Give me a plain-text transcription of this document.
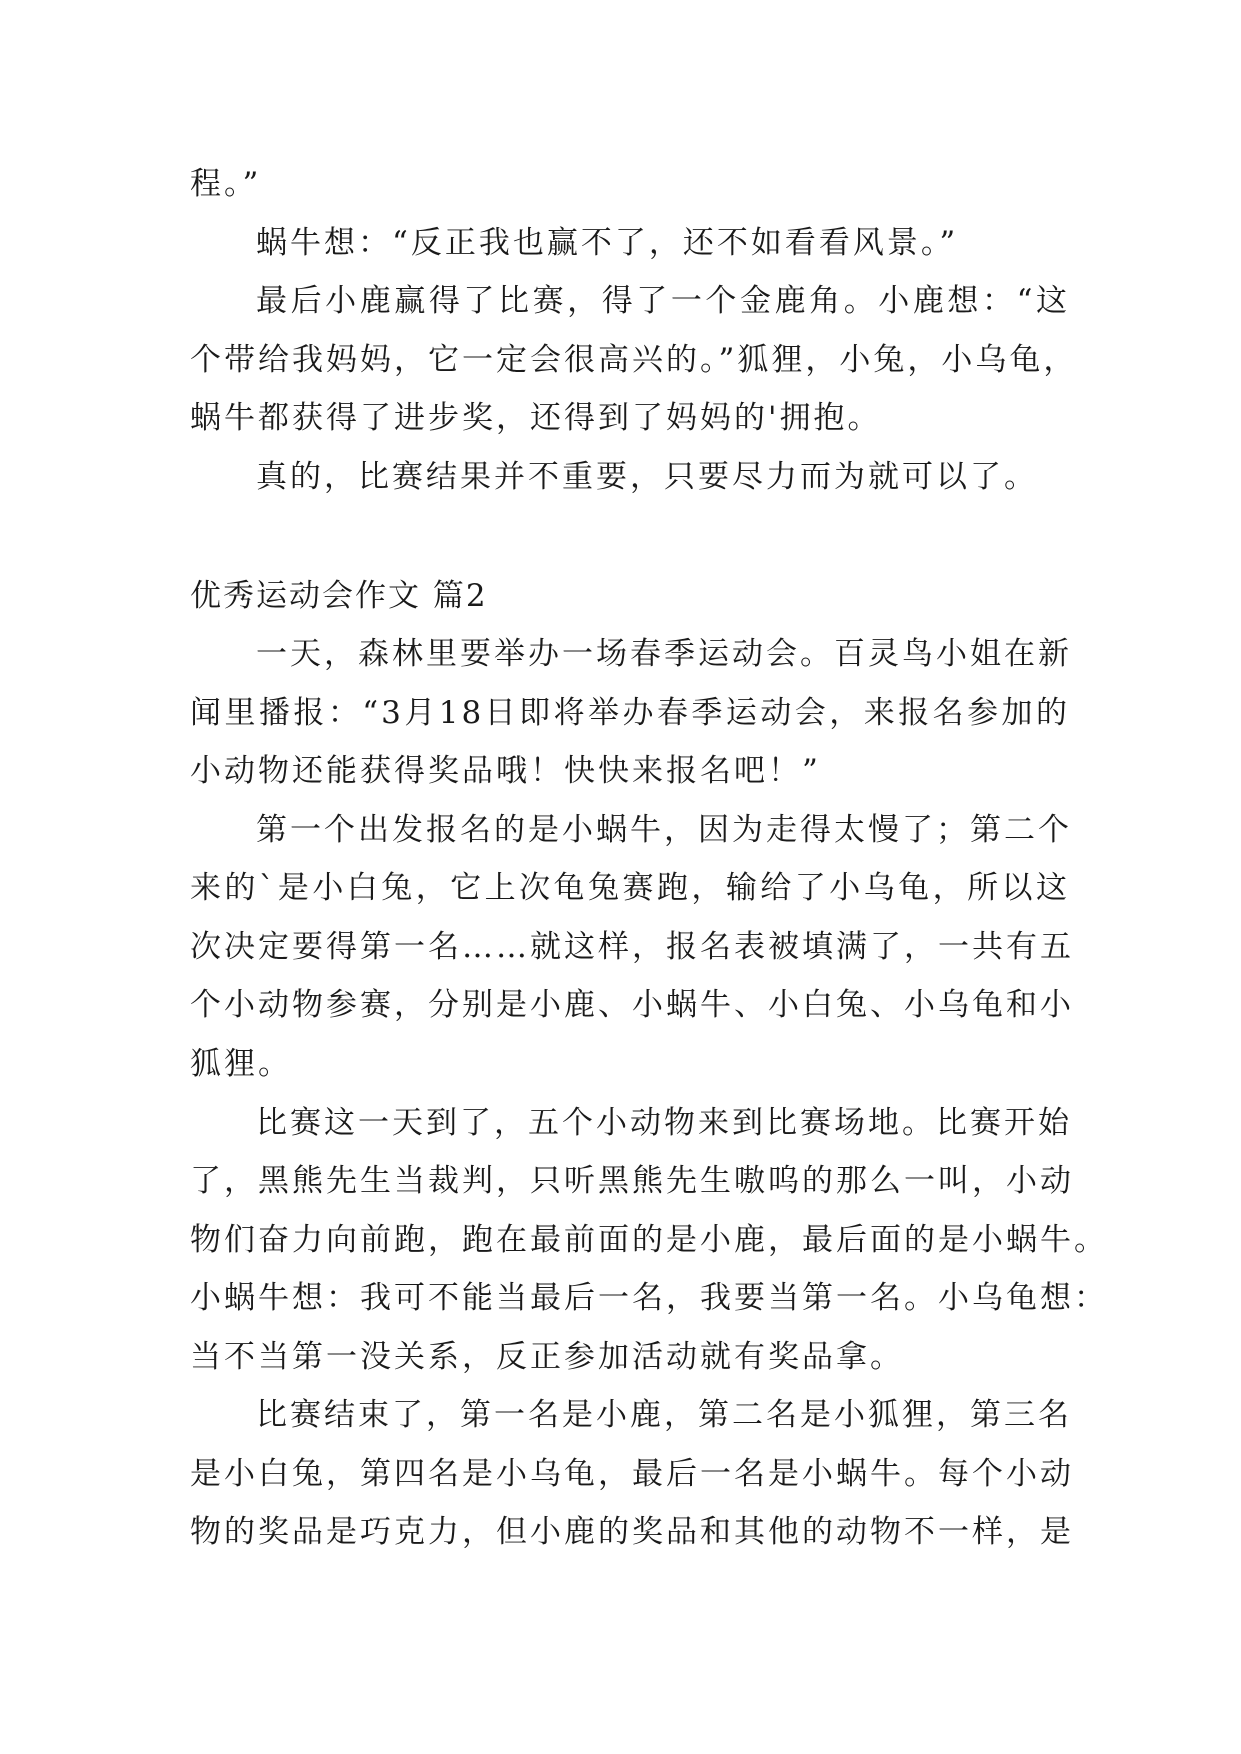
程。”

蜗牛想：“反正我也赢不了，还不如看看风景。”

最后小鹿赢得了比赛，得了一个金鹿角。小鹿想：“这

个带给我妈妈，它一定会很高兴的。”狐狸，小兔，小乌龟，

蜗牛都获得了进步奖，还得到了妈妈的'拥抱。

真的，比赛结果并不重要，只要尽力而为就可以了。

优秀运动会作文 篇2

一天，森林里要举办一场春季运动会。百灵鸟小姐在新

闻里播报：“3月18日即将举办春季运动会，来报名参加的

小动物还能获得奖品哦！快快来报名吧！”

第一个出发报名的是小蜗牛，因为走得太慢了；第二个

来的`是小白兔，它上次龟兔赛跑，输给了小乌龟，所以这

次决定要得第一名……就这样，报名表被填满了，一共有五

个小动物参赛，分别是小鹿、小蜗牛、小白兔、小乌龟和小

狐狸。

比赛这一天到了，五个小动物来到比赛场地。比赛开始

了，黑熊先生当裁判，只听黑熊先生嗷呜的那么一叫，小动

物们奋力向前跑，跑在最前面的是小鹿，最后面的是小蜗牛。

小蜗牛想：我可不能当最后一名，我要当第一名。小乌龟想：

当不当第一没关系，反正参加活动就有奖品拿。

比赛结束了，第一名是小鹿，第二名是小狐狸，第三名

是小白兔，第四名是小乌龟，最后一名是小蜗牛。每个小动

物的奖品是巧克力，但小鹿的奖品和其他的动物不一样，是
